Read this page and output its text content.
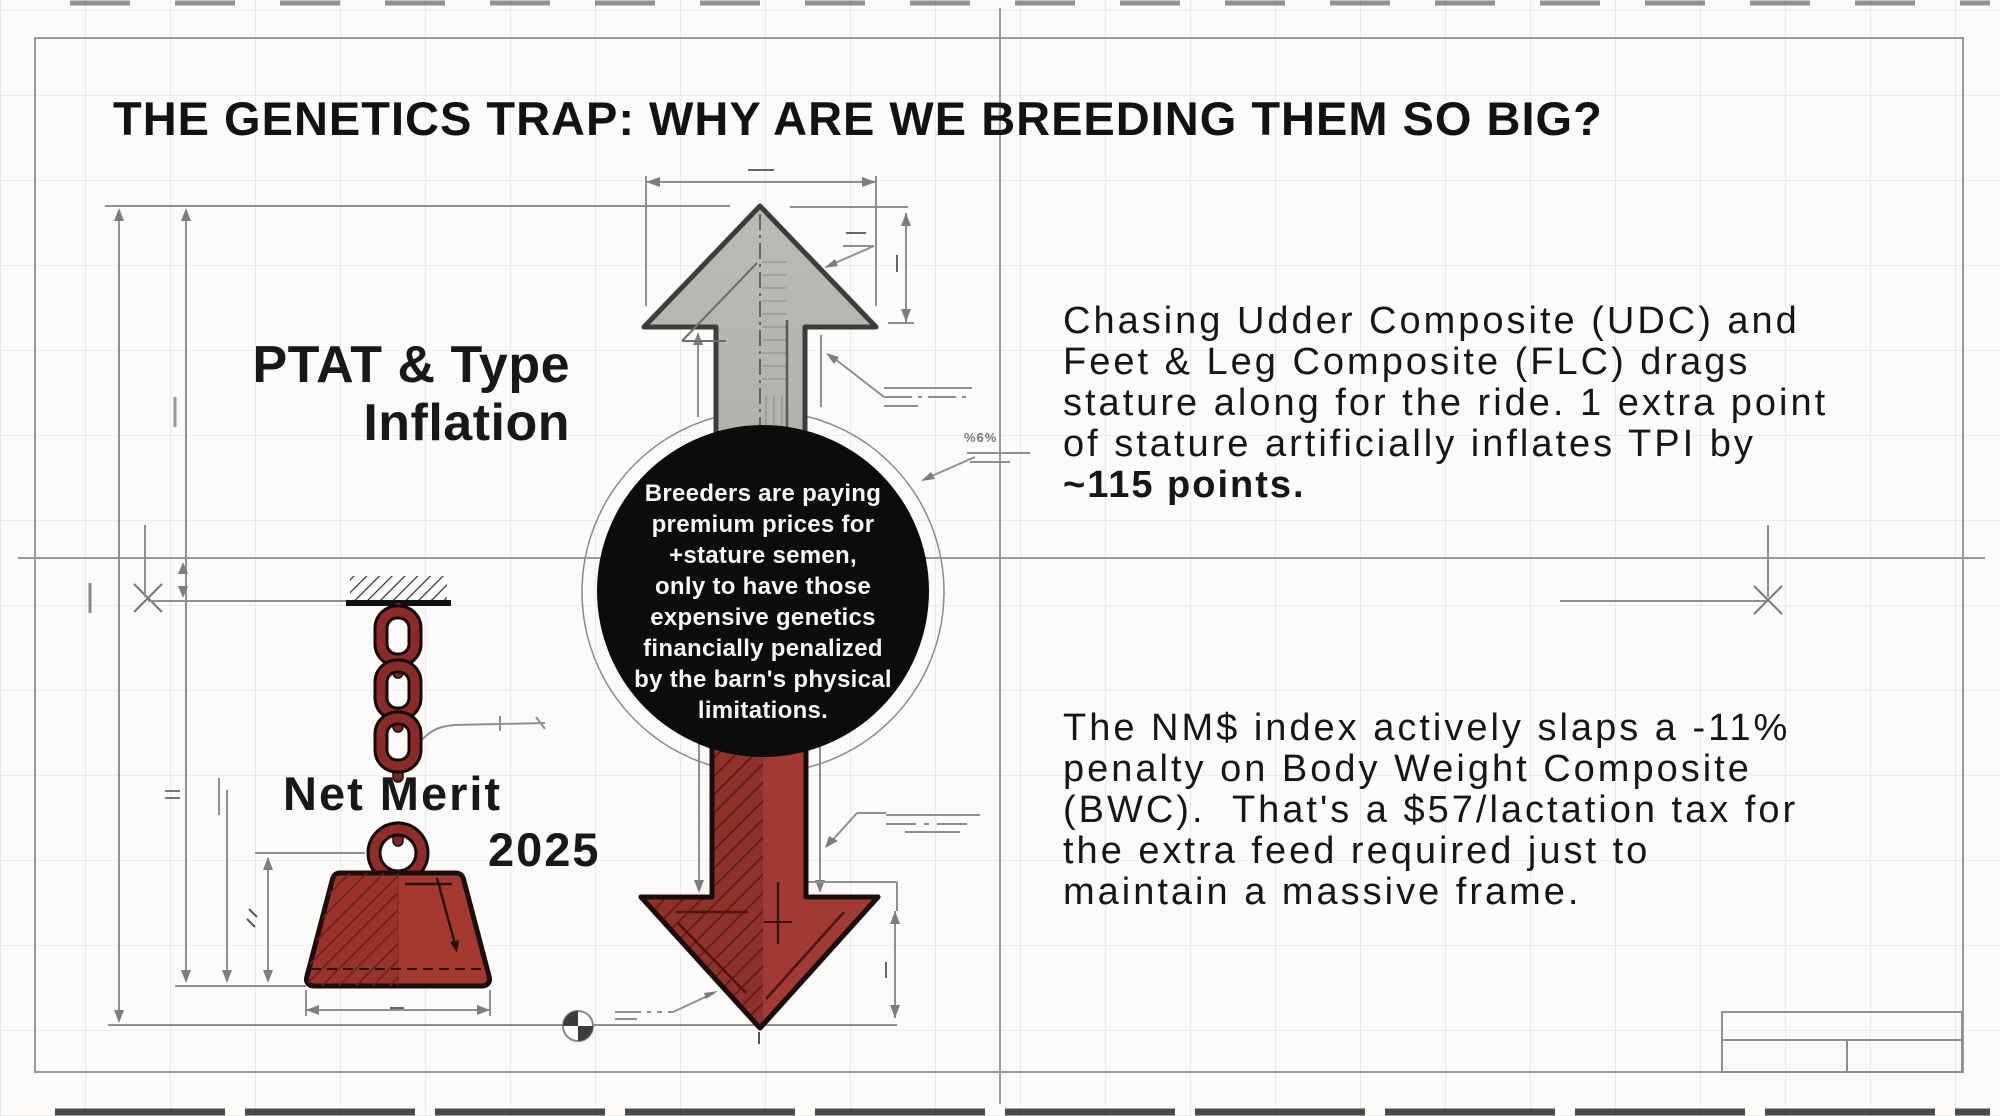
THE GENETICS TRAP: WHY ARE WE BREEDING THEM SO BIG?
PTAT & Type
Inflation
Net Merit
2025
Breeders are paying
premium prices for
+stature semen,
only to have those
expensive genetics
financially penalized
by the barn's physical
limitations.
Chasing Udder Composite (UDC) and
Feet & Leg Composite (FLC) drags
stature along for the ride. 1 extra point
of stature artificially inflates TPI by
~115 points.
The NM$ index actively slaps a -11%
penalty on Body Weight Composite
(BWC).  That's a $57/lactation tax for
the extra feed required just to
maintain a massive frame.
%6%
